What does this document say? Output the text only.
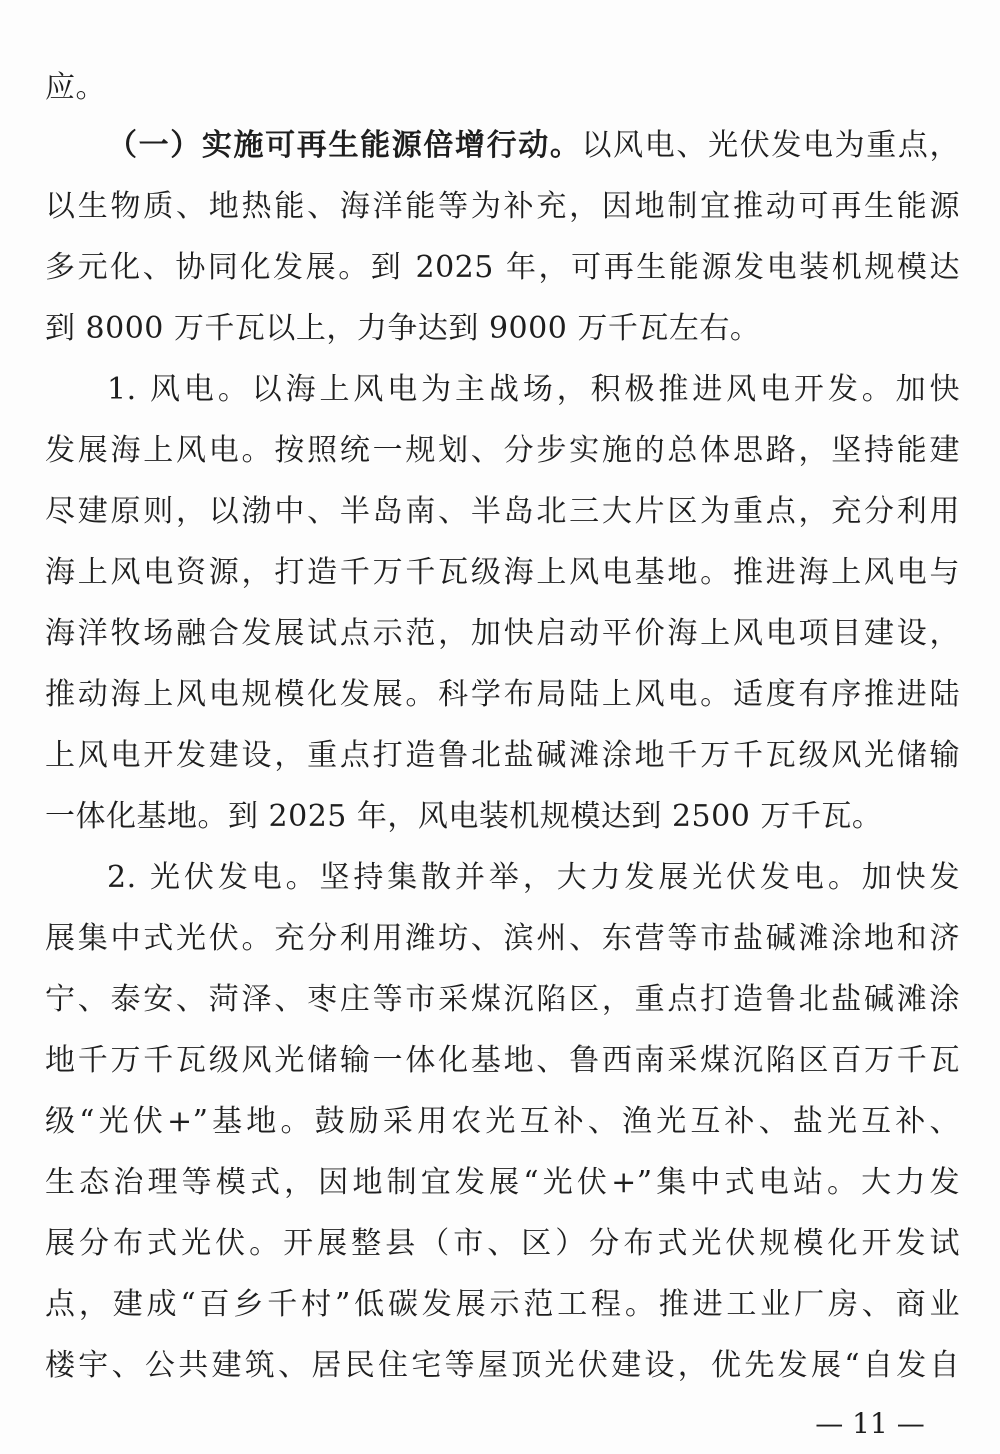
应。
（一）实施可再生能源倍增行动。以风电、光伏发电为重点，
以生物质、地热能、海洋能等为补充，因地制宜推动可再生能源
多元化、协同化发展。到 2025 年，可再生能源发电装机规模达
到 8000 万千瓦以上，力争达到 9000 万千瓦左右。
1. 风电。以海上风电为主战场，积极推进风电开发。加快
发展海上风电。按照统一规划、分步实施的总体思路，坚持能建
尽建原则，以渤中、半岛南、半岛北三大片区为重点，充分利用
海上风电资源，打造千万千瓦级海上风电基地。推进海上风电与
海洋牧场融合发展试点示范，加快启动平价海上风电项目建设，
推动海上风电规模化发展。科学布局陆上风电。适度有序推进陆
上风电开发建设，重点打造鲁北盐碱滩涂地千万千瓦级风光储输
一体化基地。到 2025 年，风电装机规模达到 2500 万千瓦。
2. 光伏发电。坚持集散并举，大力发展光伏发电。加快发
展集中式光伏。充分利用潍坊、滨州、东营等市盐碱滩涂地和济
宁、泰安、菏泽、枣庄等市采煤沉陷区，重点打造鲁北盐碱滩涂
地千万千瓦级风光储输一体化基地、鲁西南采煤沉陷区百万千瓦
级“光伏+”基地。鼓励采用农光互补、渔光互补、盐光互补、
生态治理等模式，因地制宜发展“光伏+”集中式电站。大力发
展分布式光伏。开展整县（市、区）分布式光伏规模化开发试
点，建成“百乡千村”低碳发展示范工程。推进工业厂房、商业
楼宇、公共建筑、居民住宅等屋顶光伏建设，优先发展“自发自
— 11 —
